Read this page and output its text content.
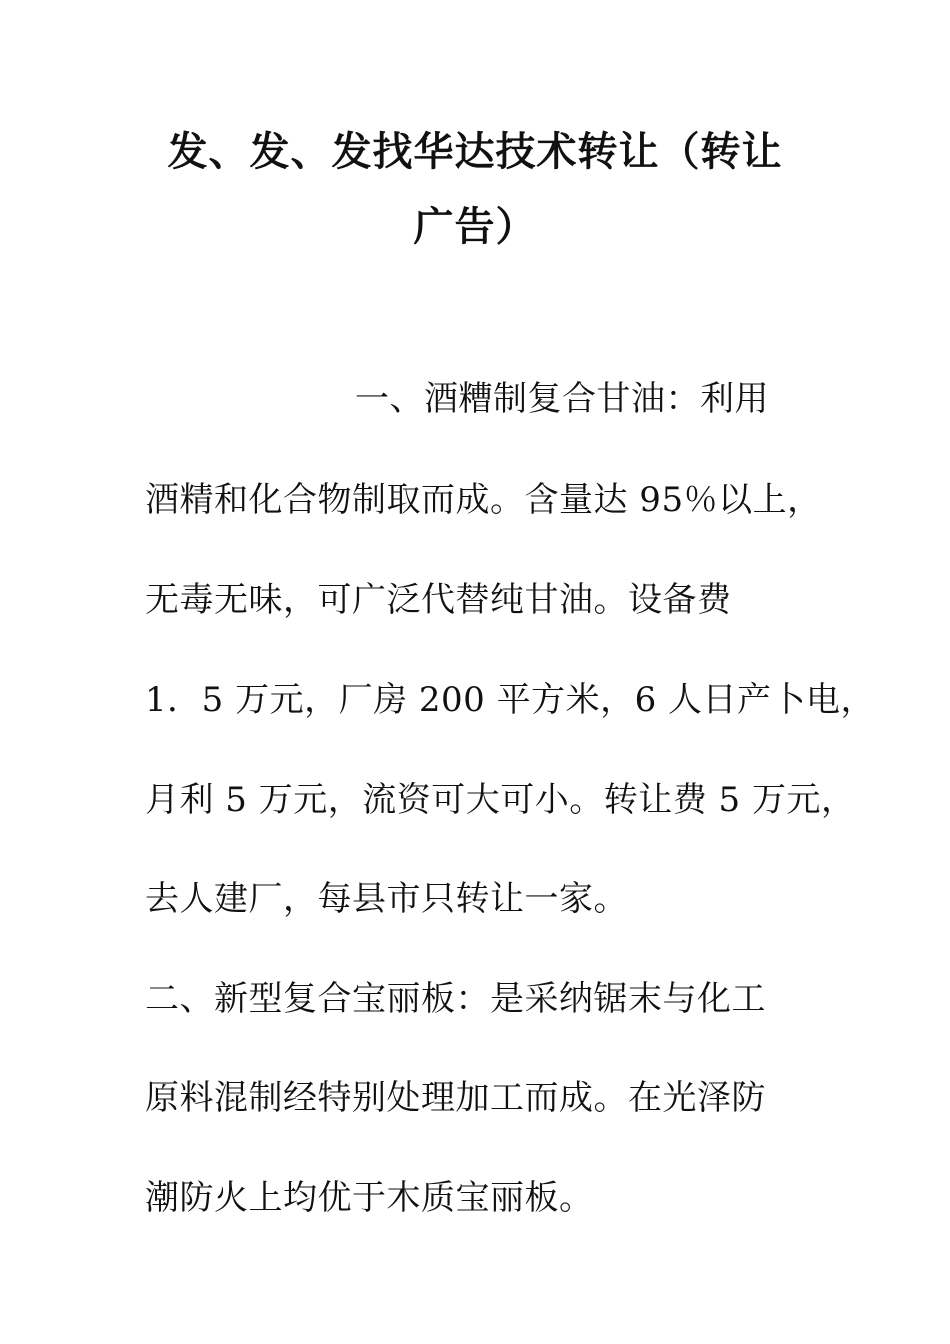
发、发、发找华达技术转让（转让
广告）
一、酒糟制复合甘油：利用
酒精和化合物制取而成。含量达 95％以上，
无毒无味，可广泛代替纯甘油。设备费
1．5 万元，厂房 200 平方米，6 人日产卜电，
月利 5 万元，流资可大可小。转让费 5 万元，
去人建厂，每县市只转让一家。
二、新型复合宝丽板：是采纳锯末与化工
原料混制经特别处理加工而成。在光泽防
潮防火上均优于木质宝丽板。
